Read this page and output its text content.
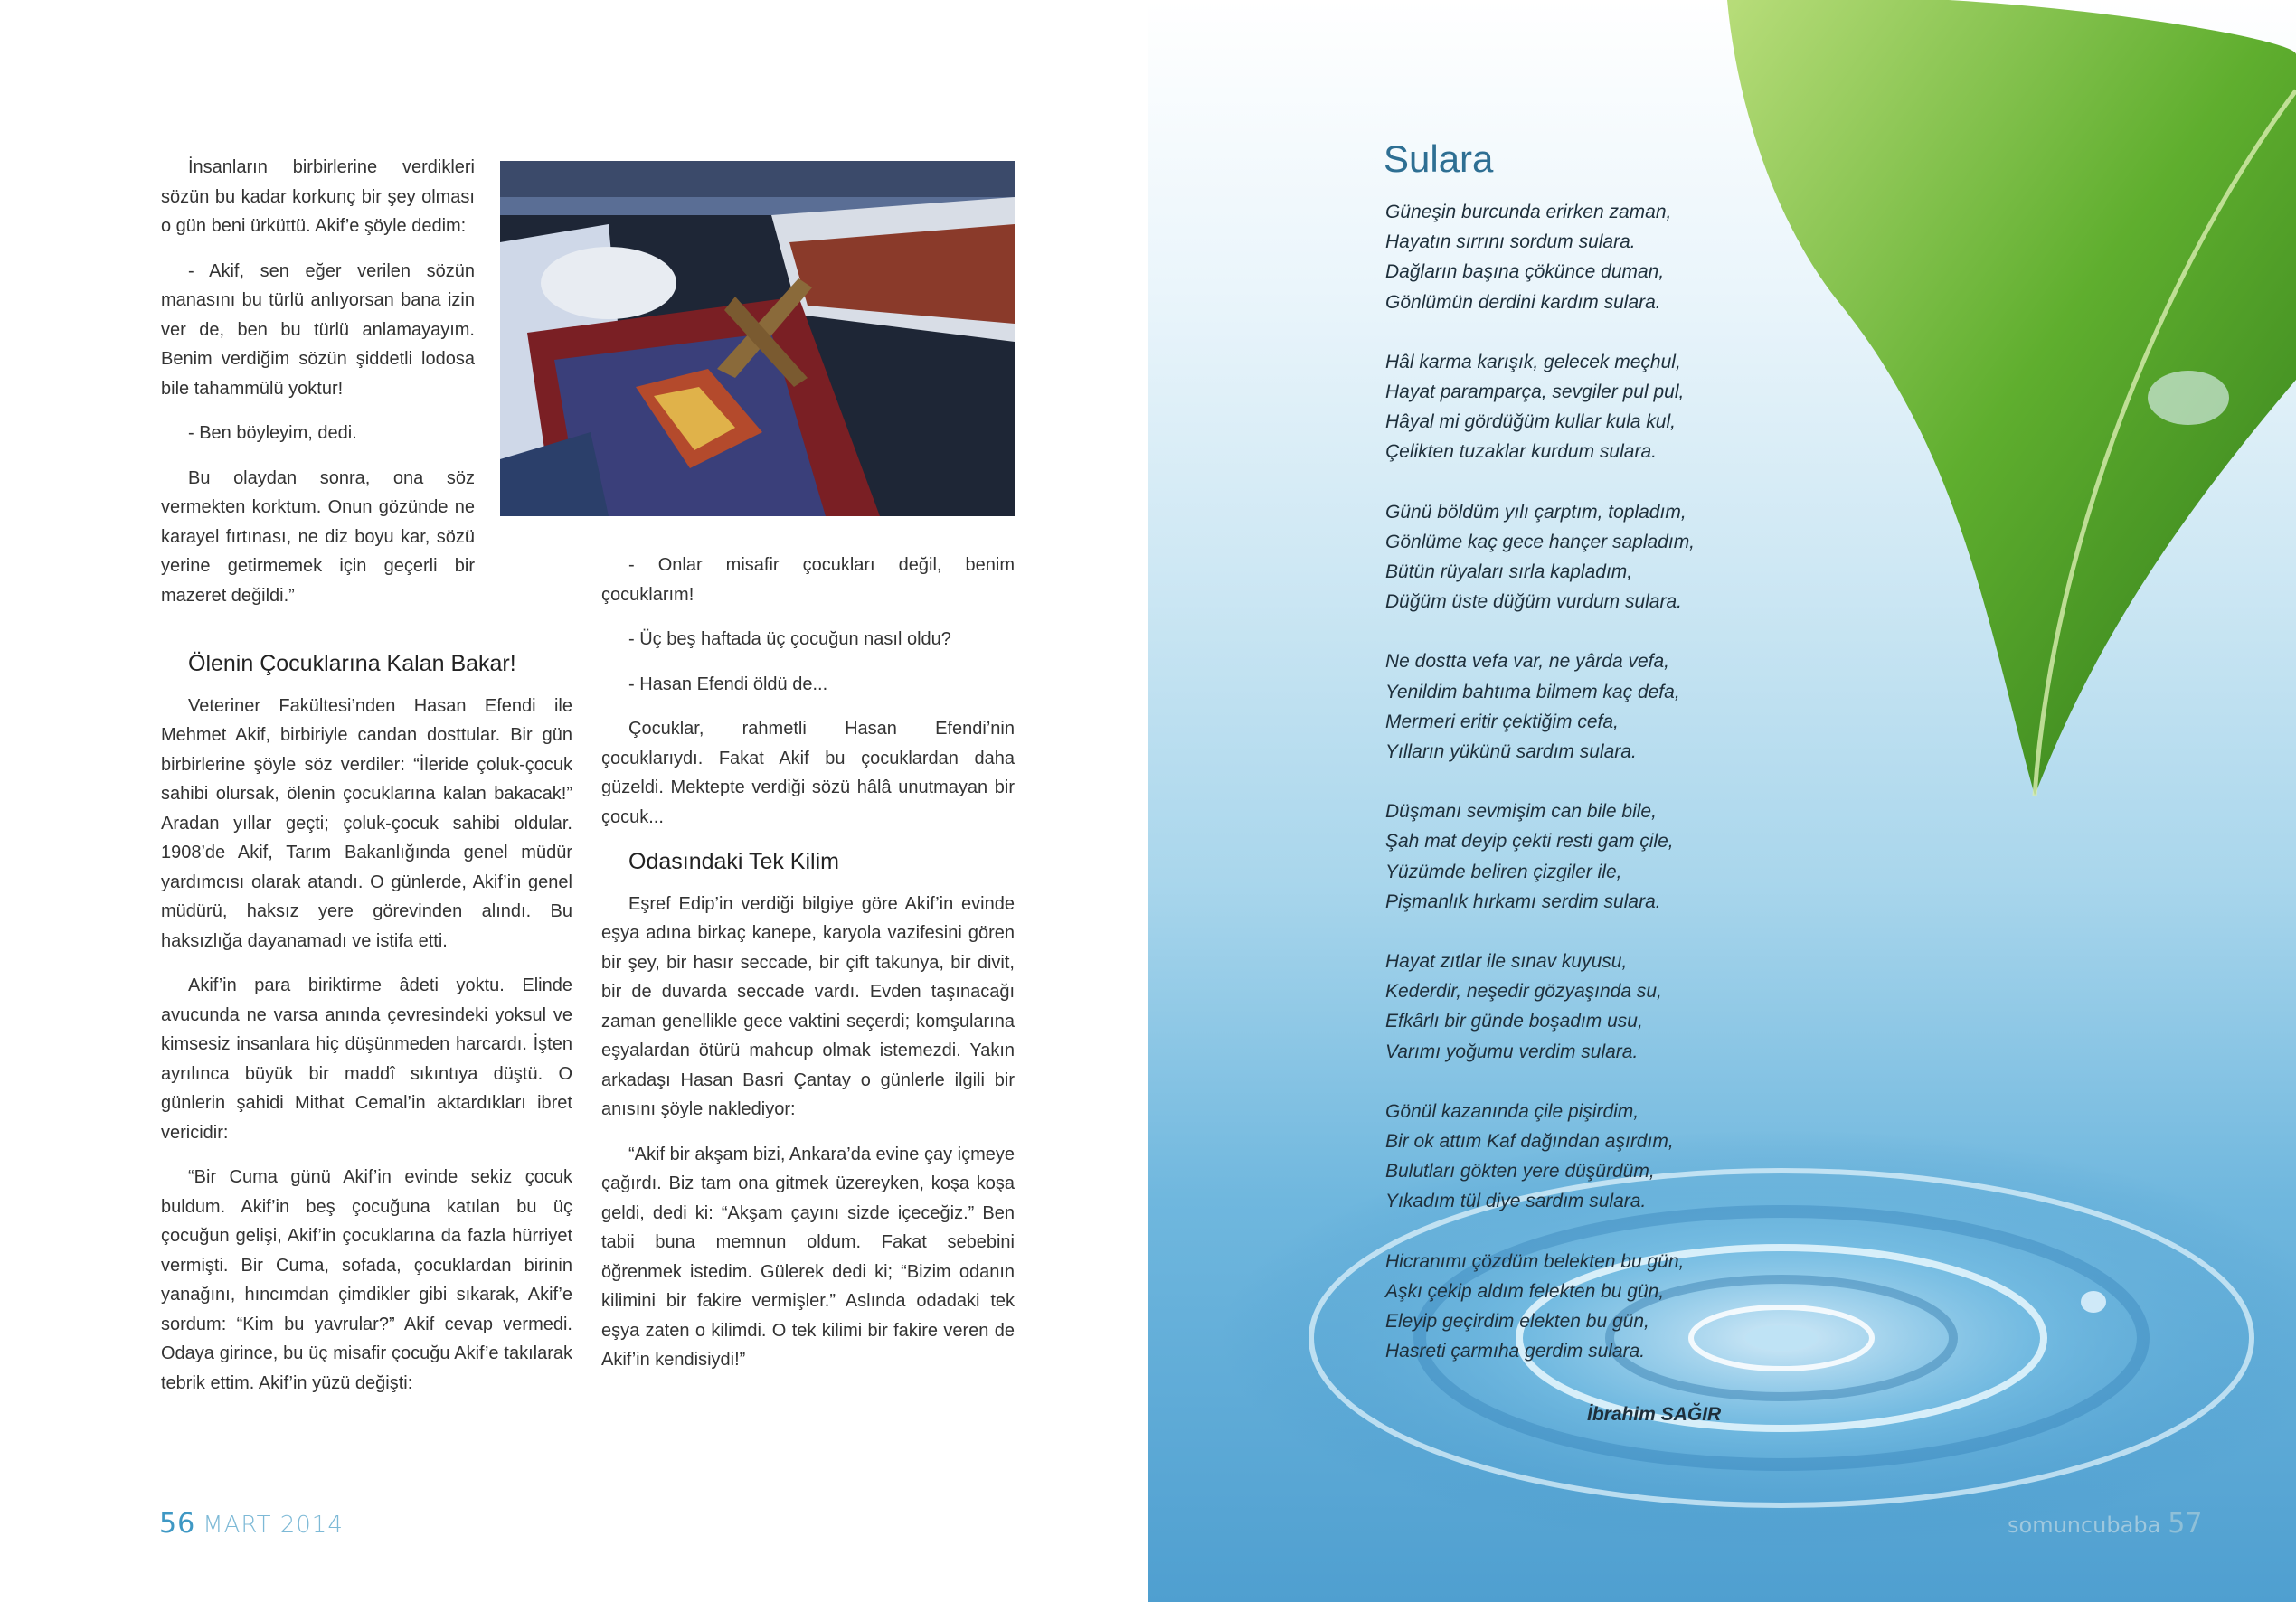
İnsanların birbirlerine verdikleri sözün bu kadar korkunç bir şey olması o gün beni ürküttü. Akif’e şöyle dedim:

- Akif, sen eğer verilen sözün manasını bu türlü anlıyorsan bana izin ver de, ben bu türlü anlamayayım. Benim verdiğim sözün şiddetli lodosa bile tahammülü yoktur!

- Ben böyleyim, dedi.

Bu olaydan sonra, ona söz vermekten korktum. Onun gözünde ne karayel fırtınası, ne diz boyu kar, sözü yerine getirmemek için geçerli bir mazeret değildi.”

Ölenin Çocuklarına Kalan Bakar!

Veteriner Fakültesi’nden Hasan Efendi ile Mehmet Akif, birbiriyle candan dosttular. Bir gün birbirlerine şöyle söz verdiler: “İleride çoluk-çocuk sahibi olursak, ölenin çocuklarına kalan bakacak!” Aradan yıllar geçti; çoluk-çocuk sahibi oldular. 1908’de Akif, Tarım Bakanlığında genel müdür yardımcısı olarak atandı. O günlerde, Akif’in genel müdürü, haksız yere görevinden alındı. Bu haksızlığa dayanamadı ve istifa etti.

Akif’in para biriktirme âdeti yoktu. Elinde avucunda ne varsa anında çevresindeki yoksul ve kimsesiz insanlara hiç düşünmeden harcardı. İşten ayrılınca büyük bir maddî sıkıntıya düştü. O günlerin şahidi Mithat Cemal’in aktardıkları ibret vericidir:

“Bir Cuma günü Akif’in evinde sekiz çocuk buldum. Akif’in beş çocuğuna katılan bu üç çocuğun gelişi, Akif’in çocuklarına da fazla hürriyet vermişti. Bir Cuma, sofada, çocuklardan birinin yanağını, hıncımdan çimdikler gibi sıkarak, Akif’e sordum: “Kim bu yavrular?” Akif cevap vermedi. Odaya girince, bu üç misafir çocuğu Akif’e takılarak tebrik ettim. Akif’in yüzü değişti:

- Onlar misafir çocukları değil, benim çocuklarım!

- Üç beş haftada üç çocuğun nasıl oldu?

- Hasan Efendi öldü de...

Çocuklar, rahmetli Hasan Efendi’nin çocuklarıydı. Fakat Akif bu çocuklardan daha güzeldi. Mektepte verdiği sözü hâlâ unutmayan bir çocuk...

Odasındaki Tek Kilim

Eşref Edip’in verdiği bilgiye göre Akif’in evinde eşya adına birkaç kanepe, karyola vazifesini gören bir şey, bir hasır seccade, bir çift takunya, bir divit, bir de duvarda seccade vardı. Evden taşınacağı zaman genellikle gece vaktini seçerdi; komşularına eşyalardan ötürü mahcup olmak istemezdi. Yakın arkadaşı Hasan Basri Çantay o günlerle ilgili bir anısını şöyle naklediyor:

“Akif bir akşam bizi, Ankara’da evine çay içmeye çağırdı. Biz tam ona gitmek üzereyken, koşa koşa geldi, dedi ki: “Akşam çayını sizde içeceğiz.” Ben tabii buna memnun oldum. Fakat sebebini öğrenmek istedim. Gülerek dedi ki; “Bizim odanın kilimini bir fakire vermişler.” Aslında odadaki tek eşya zaten o kilimdi. O tek kilimi bir fakire veren de Akif’in kendisiydi!”

56 MART 2014
Sulara
Güneşin burcunda erirken zaman,
Hayatın sırrını sordum sulara.
Dağların başına çökünce duman,
Gönlümün derdini kardım sulara.
Hâl karma karışık, gelecek meçhul,
Hayat paramparça, sevgiler pul pul,
Hâyal mi gördüğüm kullar kula kul,
Çelikten tuzaklar kurdum sulara.
Günü böldüm yılı çarptım, topladım,
Gönlüme kaç gece hançer sapladım,
Bütün rüyaları sırla kapladım,
Düğüm üste düğüm vurdum sulara.
Ne dostta vefa var, ne yârda vefa,
Yenildim bahtıma bilmem kaç defa,
Mermeri eritir çektiğim cefa,
Yılların yükünü sardım sulara.
Düşmanı sevmişim can bile bile,
Şah mat deyip çekti resti gam çile,
Yüzümde beliren çizgiler ile,
Pişmanlık hırkamı serdim sulara.
Hayat zıtlar ile sınav kuyusu,
Kederdir, neşedir gözyaşında su,
Efkârlı bir günde boşadım usu,
Varımı yoğumu verdim sulara.
Gönül kazanında çile pişirdim,
Bir ok attım Kaf dağından aşırdım,
Bulutları gökten yere düşürdüm,
Yıkadım tül diye sardım sulara.
Hicranımı çözdüm belekten bu gün,
Aşkı çekip aldım felekten bu gün,
Eleyip geçirdim elekten bu gün,
Hasreti çarmıha gerdim sulara.
İbrahim SAĞIR
somuncubaba 57
